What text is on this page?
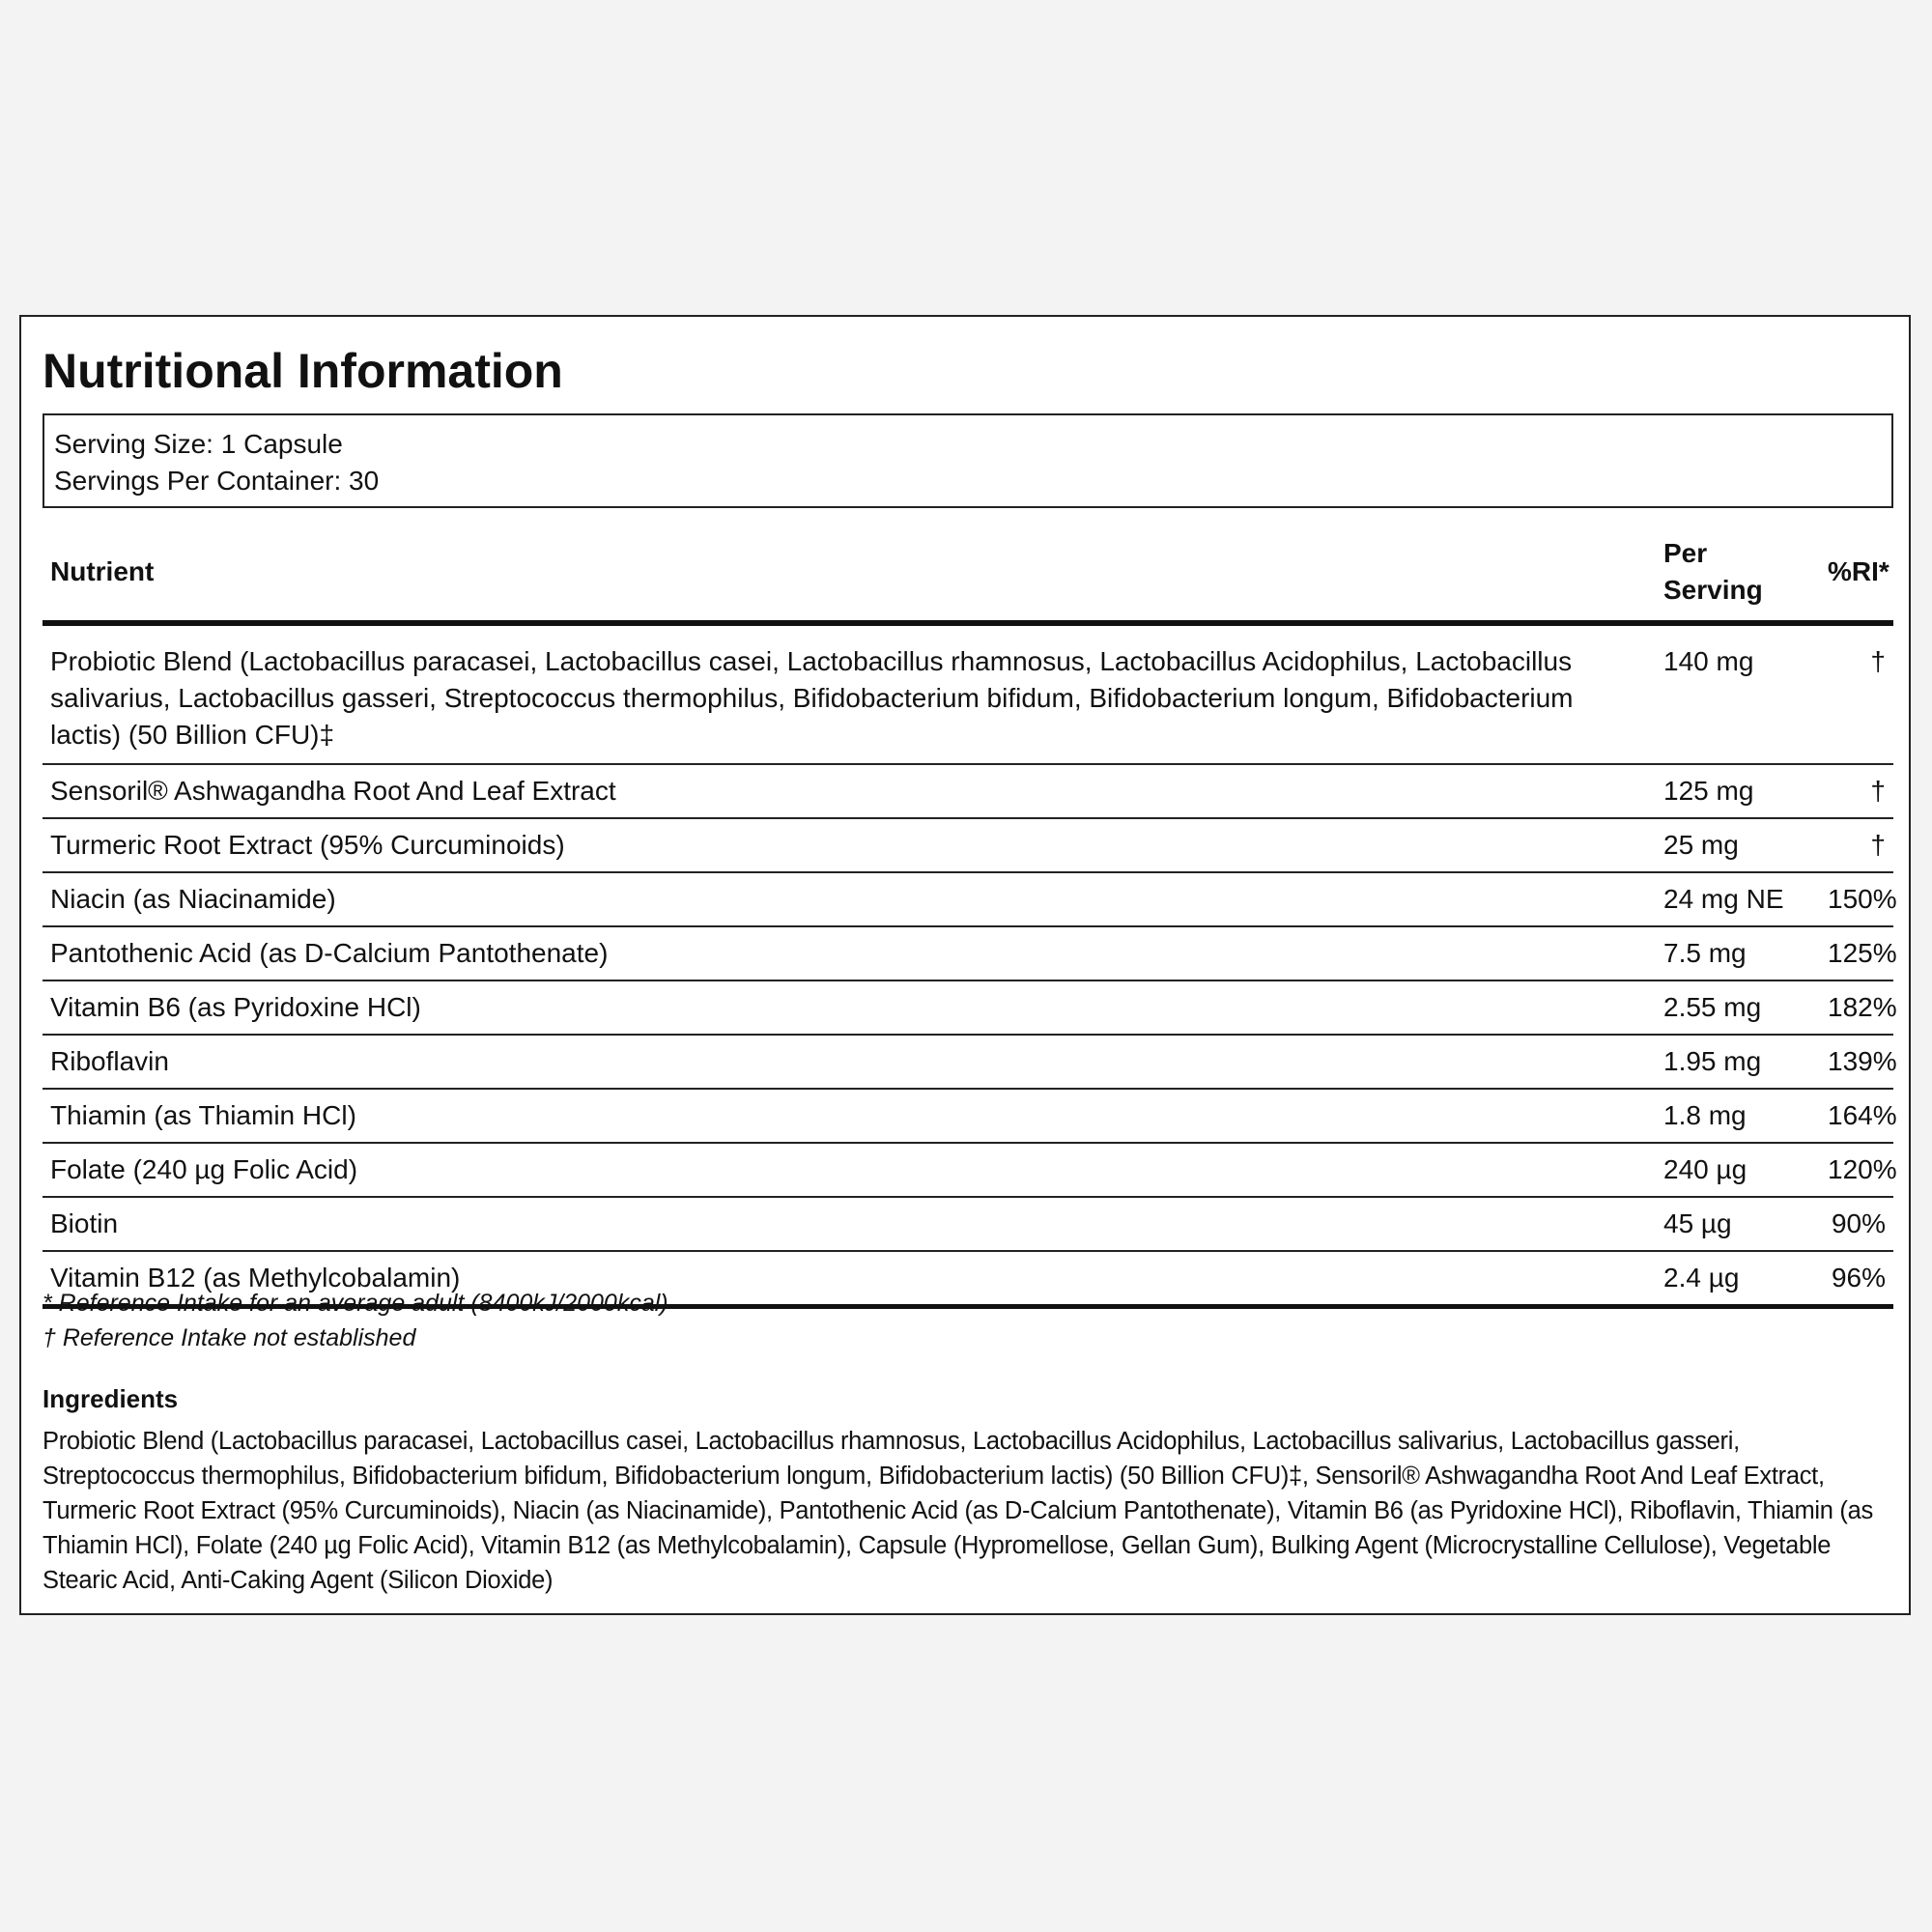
Nutritional Information
Serving Size: 1 Capsule
Servings Per Container: 30
Nutrient	Per Serving	%RI*
Probiotic Blend (Lactobacillus paracasei, Lactobacillus casei, Lactobacillus rhamnosus, Lactobacillus Acidophilus, Lactobacillus salivarius, Lactobacillus gasseri, Streptococcus thermophilus, Bifidobacterium bifidum, Bifidobacterium longum, Bifidobacterium lactis) (50 Billion CFU)‡	140 mg	†
Sensoril® Ashwagandha Root And Leaf Extract	125 mg	†
Turmeric Root Extract (95% Curcuminoids)	25 mg	†
Niacin (as Niacinamide)	24 mg NE	150%
Pantothenic Acid (as D-Calcium Pantothenate)	7.5 mg	125%
Vitamin B6 (as Pyridoxine HCl)	2.55 mg	182%
Riboflavin	1.95 mg	139%
Thiamin (as Thiamin HCl)	1.8 mg	164%
Folate (240 µg Folic Acid)	240 µg	120%
Biotin	45 µg	90%
Vitamin B12 (as Methylcobalamin)	2.4 µg	96%
* Reference Intake for an average adult (8400kJ/2000kcal)
† Reference Intake not established
Ingredients

Probiotic Blend (Lactobacillus paracasei, Lactobacillus casei, Lactobacillus rhamnosus, Lactobacillus Acidophilus, Lactobacillus salivarius, Lactobacillus gasseri, Streptococcus thermophilus, Bifidobacterium bifidum, Bifidobacterium longum, Bifidobacterium lactis) (50 Billion CFU)‡, Sensoril® Ashwagandha Root And Leaf Extract, Turmeric Root Extract (95% Curcuminoids), Niacin (as Niacinamide), Pantothenic Acid (as D-Calcium Pantothenate), Vitamin B6 (as Pyridoxine HCl), Riboflavin, Thiamin (as Thiamin HCl), Folate (240 µg Folic Acid), Vitamin B12 (as Methylcobalamin), Capsule (Hypromellose, Gellan Gum), Bulking Agent (Microcrystalline Cellulose), Vegetable Stearic Acid, Anti-Caking Agent (Silicon Dioxide)
